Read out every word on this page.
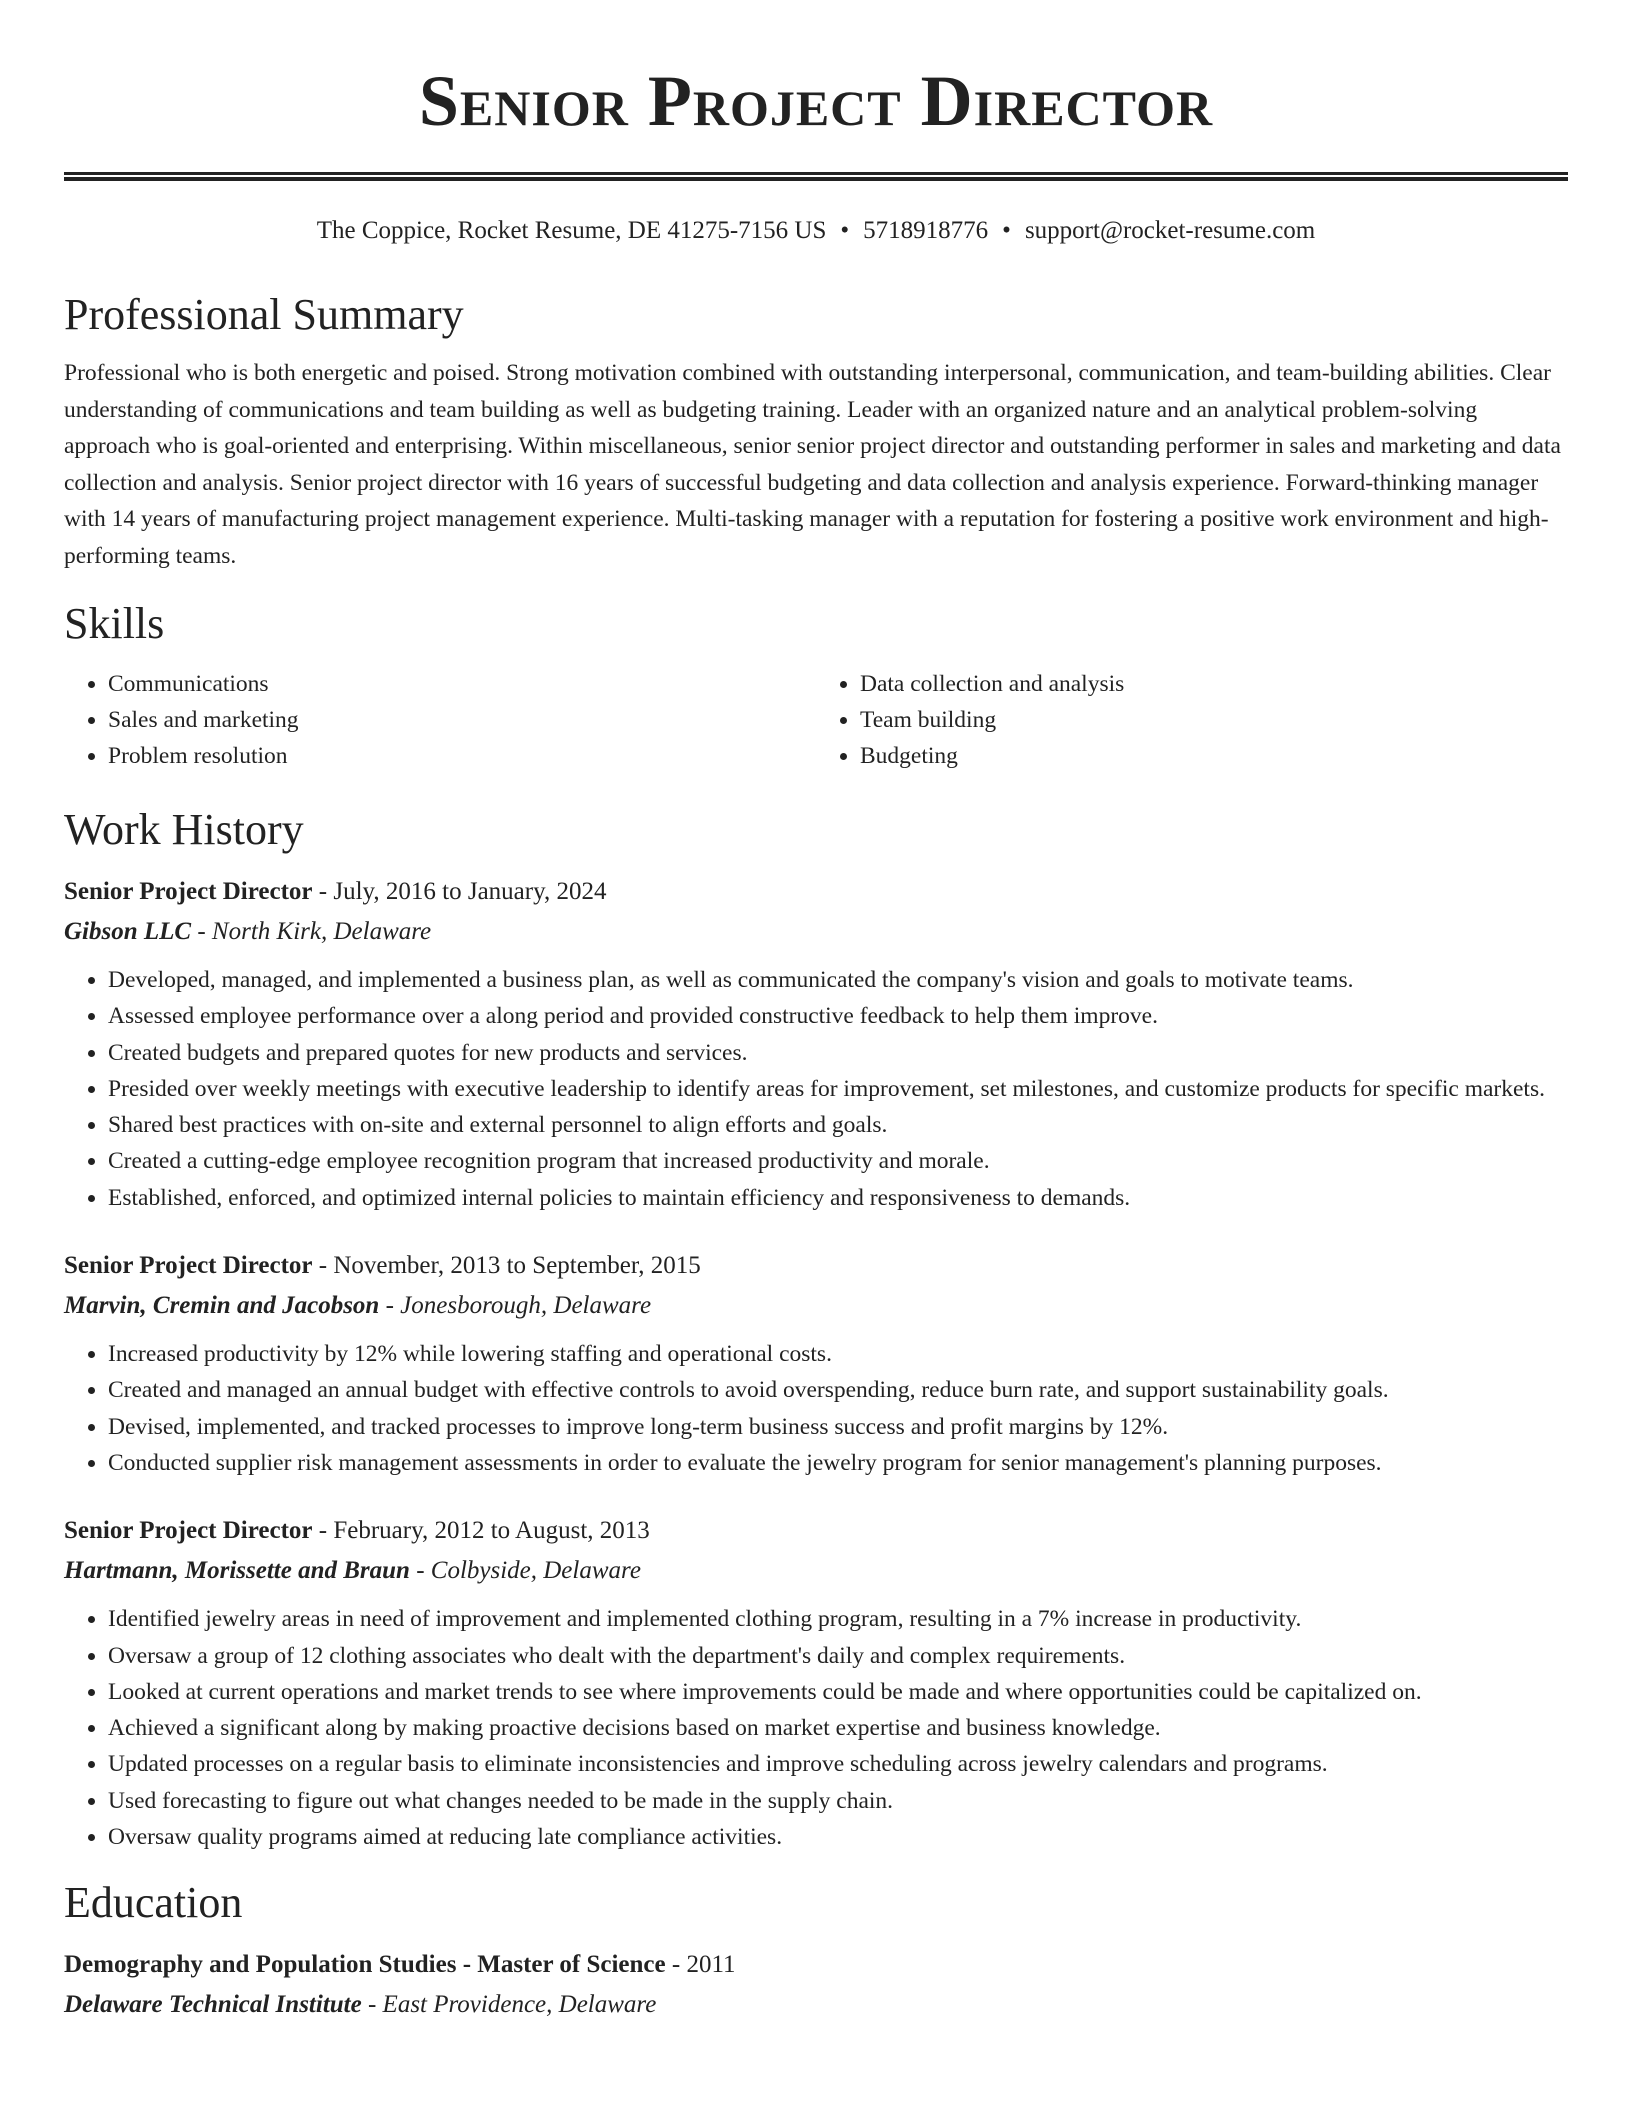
Senior Project Director
The Coppice, Rocket Resume, DE 41275-7156 US • 5718918776 • support@rocket-resume.com
Professional Summary
Professional who is both energetic and poised. Strong motivation combined with outstanding interpersonal, communication, and team-building abilities. Clear understanding of communications and team building as well as budgeting training. Leader with an organized nature and an analytical problem-solving approach who is goal-oriented and enterprising. Within miscellaneous, senior senior project director and outstanding performer in sales and marketing and data collection and analysis. Senior project director with 16 years of successful budgeting and data collection and analysis experience. Forward-thinking manager with 14 years of manufacturing project management experience. Multi-tasking manager with a reputation for fostering a positive work environment and high-performing teams.
Skills
• Communications
• Sales and marketing
• Problem resolution
• Data collection and analysis
• Team building
• Budgeting
Work History
Senior Project Director - July, 2016 to January, 2024
Gibson LLC - North Kirk, Delaware
• Developed, managed, and implemented a business plan, as well as communicated the company's vision and goals to motivate teams.
• Assessed employee performance over a along period and provided constructive feedback to help them improve.
• Created budgets and prepared quotes for new products and services.
• Presided over weekly meetings with executive leadership to identify areas for improvement, set milestones, and customize products for specific markets.
• Shared best practices with on-site and external personnel to align efforts and goals.
• Created a cutting-edge employee recognition program that increased productivity and morale.
• Established, enforced, and optimized internal policies to maintain efficiency and responsiveness to demands.
Senior Project Director - November, 2013 to September, 2015
Marvin, Cremin and Jacobson - Jonesborough, Delaware
• Increased productivity by 12% while lowering staffing and operational costs.
• Created and managed an annual budget with effective controls to avoid overspending, reduce burn rate, and support sustainability goals.
• Devised, implemented, and tracked processes to improve long-term business success and profit margins by 12%.
• Conducted supplier risk management assessments in order to evaluate the jewelry program for senior management's planning purposes.
Senior Project Director - February, 2012 to August, 2013
Hartmann, Morissette and Braun - Colbyside, Delaware
• Identified jewelry areas in need of improvement and implemented clothing program, resulting in a 7% increase in productivity.
• Oversaw a group of 12 clothing associates who dealt with the department's daily and complex requirements.
• Looked at current operations and market trends to see where improvements could be made and where opportunities could be capitalized on.
• Achieved a significant along by making proactive decisions based on market expertise and business knowledge.
• Updated processes on a regular basis to eliminate inconsistencies and improve scheduling across jewelry calendars and programs.
• Used forecasting to figure out what changes needed to be made in the supply chain.
• Oversaw quality programs aimed at reducing late compliance activities.
Education
Demography and Population Studies - Master of Science - 2011
Delaware Technical Institute - East Providence, Delaware
